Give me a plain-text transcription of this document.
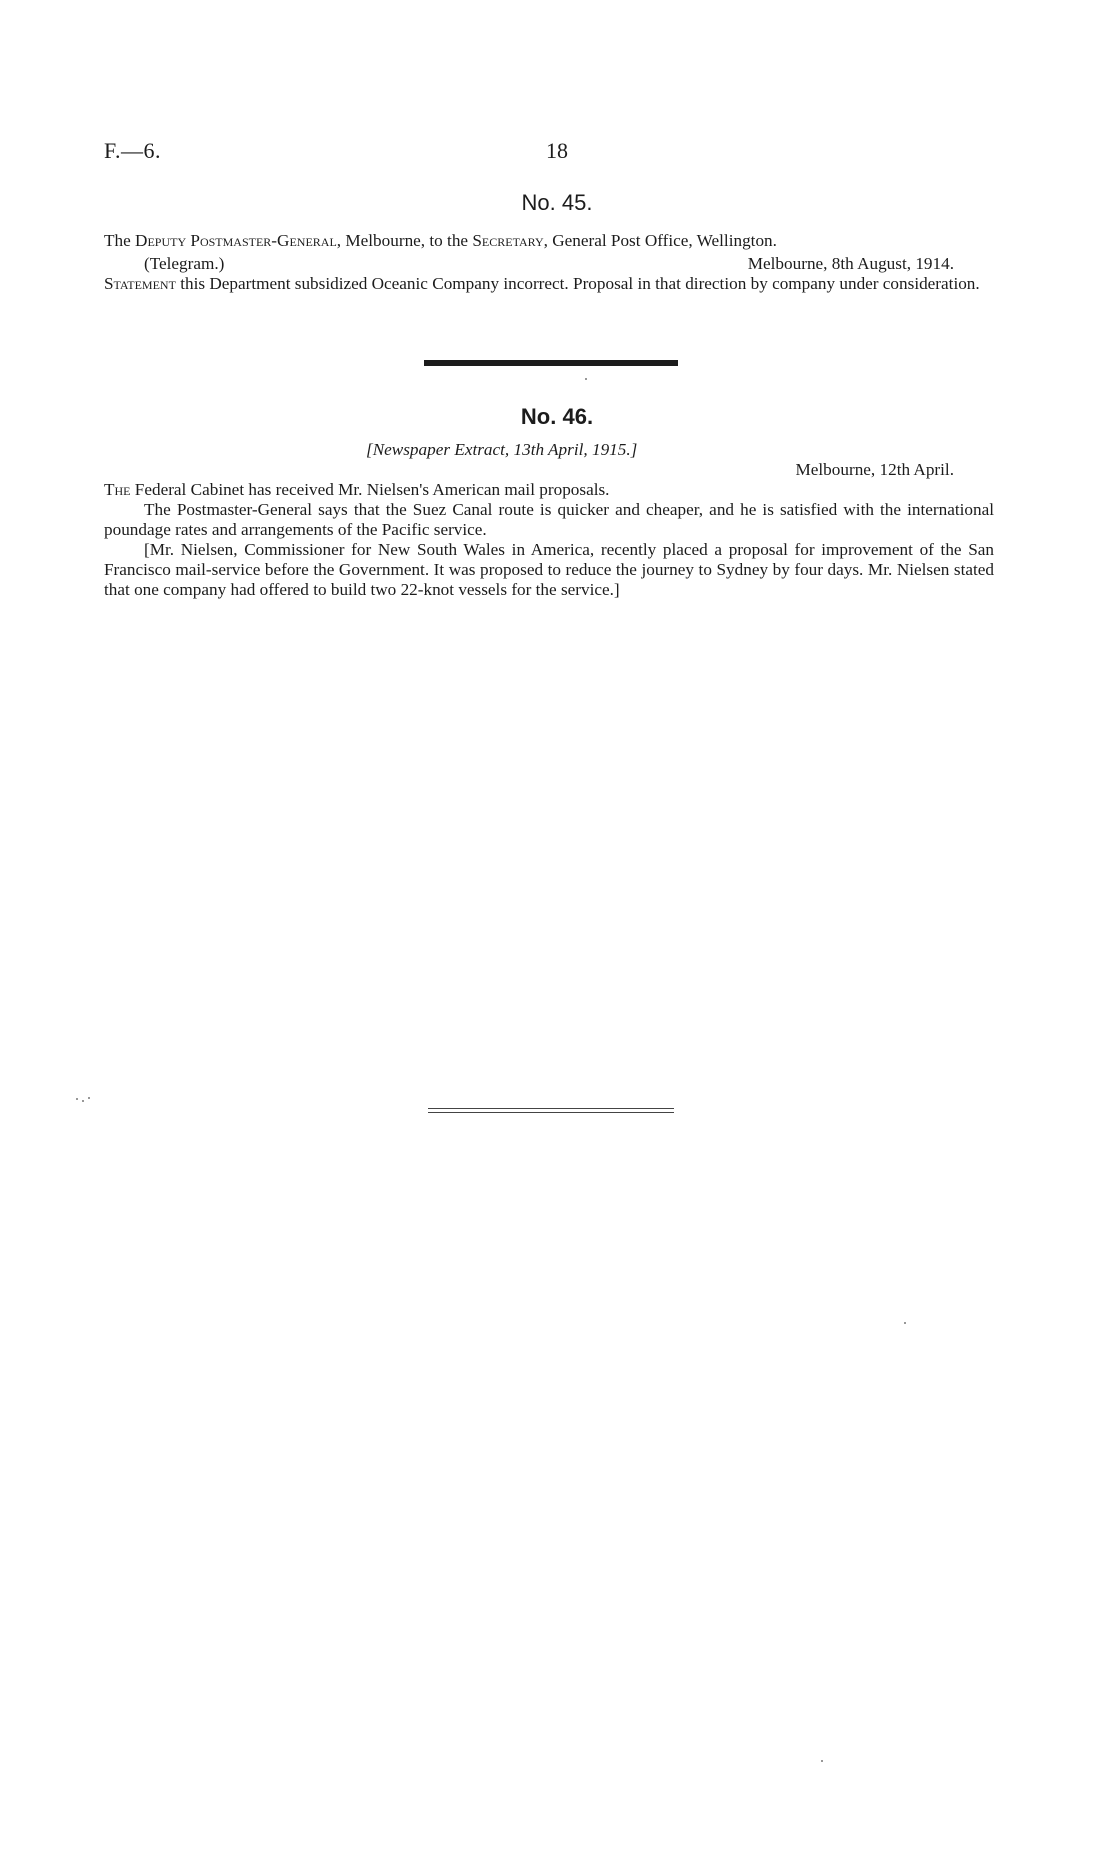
F.—6.	18
No. 45.
The Deputy Postmaster-General, Melbourne, to the Secretary, General Post Office, Wellington.
(Telegram.)	Melbourne, 8th August, 1914.
Statement this Department subsidized Oceanic Company incorrect. Proposal in that direction by company under consideration.
No. 46.
[Newspaper Extract, 13th April, 1915.]
Melbourne, 12th April.
The Federal Cabinet has received Mr. Nielsen's American mail proposals.
The Postmaster-General says that the Suez Canal route is quicker and cheaper, and he is satisfied with the international poundage rates and arrangements of the Pacific service.
[Mr. Nielsen, Commissioner for New South Wales in America, recently placed a proposal for improvement of the San Francisco mail-service before the Government. It was proposed to reduce the journey to Sydney by four days. Mr. Nielsen stated that one company had offered to build two 22-knot vessels for the service.]
